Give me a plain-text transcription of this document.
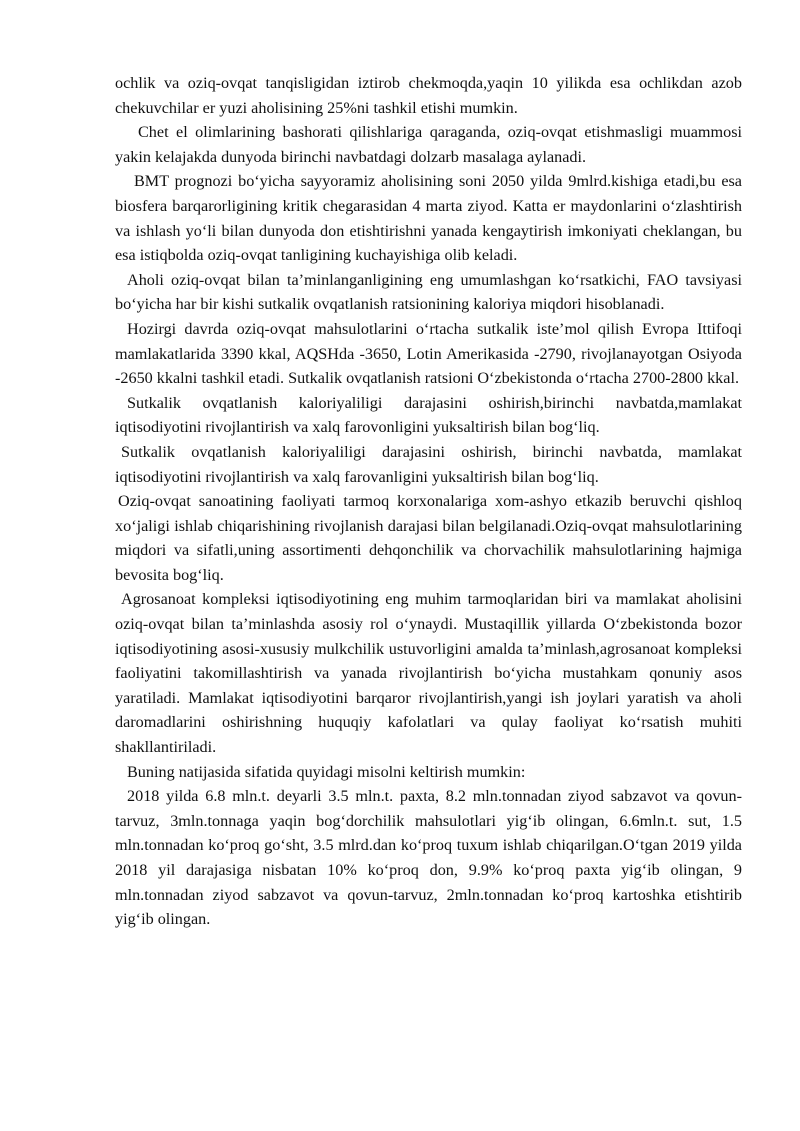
ochlik va oziq-ovqat tanqisligidan iztirob chekmoqda,yaqin 10 yilikda esa ochlikdan azob chekuvchilar er yuzi aholisining 25%ni tashkil etishi mumkin.

Chet el olimlarining bashorati qilishlariga qaraganda, oziq-ovqat etishmasligi muammosi yakin kelajakda dunyoda birinchi navbatdagi dolzarb masalaga aylanadi.

BMT prognozi bo‘yicha sayyoramiz aholisining soni 2050 yilda 9mlrd.kishiga etadi,bu esa biosfera barqarorligining kritik chegarasidan 4 marta ziyod. Katta er maydonlarini o‘zlashtirish va ishlash yo‘li bilan dunyoda don etishtirishni yanada kengaytirish imkoniyati cheklangan, bu esa istiqbolda oziq-ovqat tanligining kuchayishiga olib keladi.

Aholi oziq-ovqat bilan ta’minlanganligining eng umumlashgan ko‘rsatkichi, FAO tavsiyasi bo‘yicha har bir kishi sutkalik ovqatlanish ratsionining kaloriya miqdori hisoblanadi.

Hozirgi davrda oziq-ovqat mahsulotlarini o‘rtacha sutkalik iste’mol qilish Evropa Ittifoqi mamlakatlarida 3390 kkal, AQSHda -3650, Lotin Amerikasida -2790, rivojlanayotgan Osiyoda -2650 kkalni tashkil etadi. Sutkalik ovqatlanish ratsioni O‘zbekistonda o‘rtacha 2700-2800 kkal.

Sutkalik ovqatlanish kaloriyaliligi darajasini oshirish,birinchi navbatda,mamlakat iqtisodiyotini rivojlantirish va xalq farovonligini yuksaltirish bilan bog‘liq.

Sutkalik ovqatlanish kaloriyaliligi darajasini oshirish, birinchi navbatda, mamlakat iqtisodiyotini rivojlantirish va xalq farovanligini yuksaltirish bilan bog‘liq.

Oziq-ovqat sanoatining faoliyati tarmoq korxonalariga xom-ashyo etkazib beruvchi qishloq xo‘jaligi ishlab chiqarishining rivojlanish darajasi bilan belgilanadi.Oziq-ovqat mahsulotlarining miqdori va sifatli,uning assortimenti dehqonchilik va chorvachilik mahsulotlarining hajmiga bevosita bog‘liq.

Agrosanoat kompleksi iqtisodiyotining eng muhim tarmoqlaridan biri va mamlakat aholisini oziq-ovqat bilan ta’minlashda asosiy rol o‘ynaydi. Mustaqillik yillarda O‘zbekistonda bozor iqtisodiyotining asosi-xususiy mulkchilik ustuvorligini amalda ta’minlash,agrosanoat kompleksi faoliyatini takomillashtirish va yanada rivojlantirish bo‘yicha mustahkam qonuniy asos yaratiladi. Mamlakat iqtisodiyotini barqaror rivojlantirish,yangi ish joylari yaratish va aholi daromadlarini oshirishning huquqiy kafolatlari va qulay faoliyat ko‘rsatish muhiti shakllantiriladi.

Buning natijasida sifatida quyidagi misolni keltirish mumkin:

2018 yilda 6.8 mln.t. deyarli 3.5 mln.t. paxta, 8.2 mln.tonnadan ziyod sabzavot va qovun-tarvuz, 3mln.tonnaga yaqin bog‘dorchilik mahsulotlari yig‘ib olingan, 6.6mln.t. sut, 1.5 mln.tonnadan ko‘proq go‘sht, 3.5 mlrd.dan ko‘proq tuxum ishlab chiqarilgan.O‘tgan 2019 yilda 2018 yil darajasiga nisbatan 10% ko‘proq don, 9.9% ko‘proq paxta yig‘ib olingan, 9 mln.tonnadan ziyod sabzavot va qovun-tarvuz, 2mln.tonnadan ko‘proq kartoshka etishtirib yig‘ib olingan.
